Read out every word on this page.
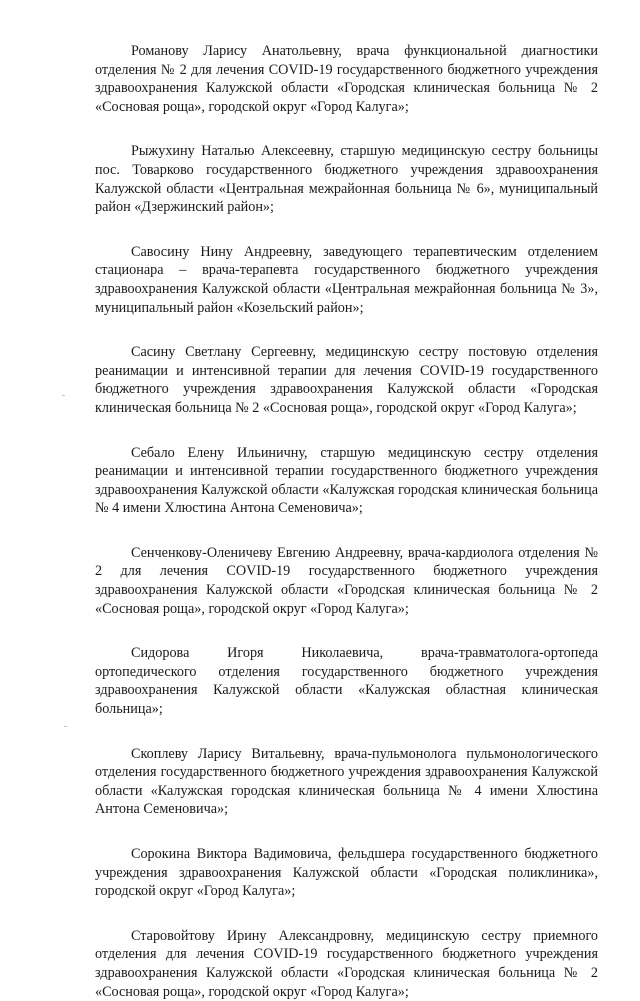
Романову Ларису Анатольевну, врача функциональной диагностики отделения № 2 для лечения COVID-19 государственного бюджетного учреждения здравоохранения Калужской области «Городская клиническая больница № 2 «Сосновая роща», городской округ «Город Калуга»;

Рыжухину Наталью Алексеевну, старшую медицинскую сестру больницы пос. Товарково государственного бюджетного учреждения здравоохранения Калужской области «Центральная межрайонная больница № 6», муниципальный район «Дзержинский район»;

Савосину Нину Андреевну, заведующего терапевтическим отделением стационара – врача-терапевта государственного бюджетного учреждения здравоохранения Калужской области «Центральная межрайонная больница № 3», муниципальный район «Козельский район»;

Сасину Светлану Сергеевну, медицинскую сестру постовую отделения реанимации и интенсивной терапии для лечения COVID-19 государственного бюджетного учреждения здравоохранения Калужской области «Городская клиническая больница № 2 «Сосновая роща», городской округ «Город Калуга»;

Себало Елену Ильиничну, старшую медицинскую сестру отделения реанимации и интенсивной терапии государственного бюджетного учреждения здравоохранения Калужской области «Калужская городская клиническая больница № 4 имени Хлюстина Антона Семеновича»;

Сенченкову-Оленичеву Евгению Андреевну, врача-кардиолога отделения № 2 для лечения COVID-19 государственного бюджетного учреждения здравоохранения Калужской области «Городская клиническая больница № 2 «Сосновая роща», городской округ «Город Калуга»;

Сидорова Игоря Николаевича, врача-травматолога-ортопеда ортопедического отделения государственного бюджетного учреждения здравоохранения Калужской области «Калужская областная клиническая больница»;

Скоплеву Ларису Витальевну, врача-пульмонолога пульмонологического отделения государственного бюджетного учреждения здравоохранения Калужской области «Калужская городская клиническая больница № 4 имени Хлюстина Антона Семеновича»;

Сорокина Виктора Вадимовича, фельдшера государственного бюджетного учреждения здравоохранения Калужской области «Городская поликлиника», городской округ «Город Калуга»;

Старовойтову Ирину Александровну, медицинскую сестру приемного отделения для лечения COVID-19 государственного бюджетного учреждения здравоохранения Калужской области «Городская клиническая больница № 2 «Сосновая роща», городской округ «Город Калуга»;
